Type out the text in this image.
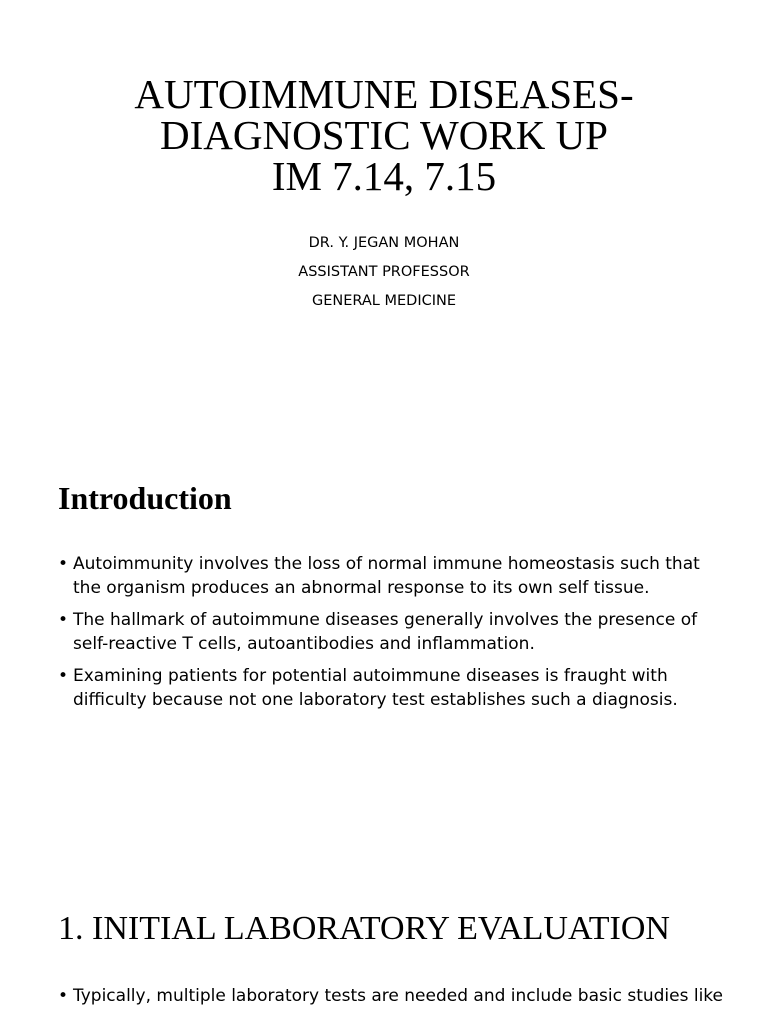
AUTOIMMUNE DISEASES-
DIAGNOSTIC WORK UP
IM 7.14, 7.15
DR. Y. JEGAN MOHAN
ASSISTANT PROFESSOR
GENERAL MEDICINE
Introduction
• Autoimmunity involves the loss of normal immune homeostasis such that the organism produces an abnormal response to its own self tissue.
• The hallmark of autoimmune diseases generally involves the presence of self-reactive T cells, autoantibodies and inflammation.
• Examining patients for potential autoimmune diseases is fraught with difficulty because not one laboratory test establishes such a diagnosis.
1. INITIAL LABORATORY EVALUATION
• Typically, multiple laboratory tests are needed and include basic studies like
